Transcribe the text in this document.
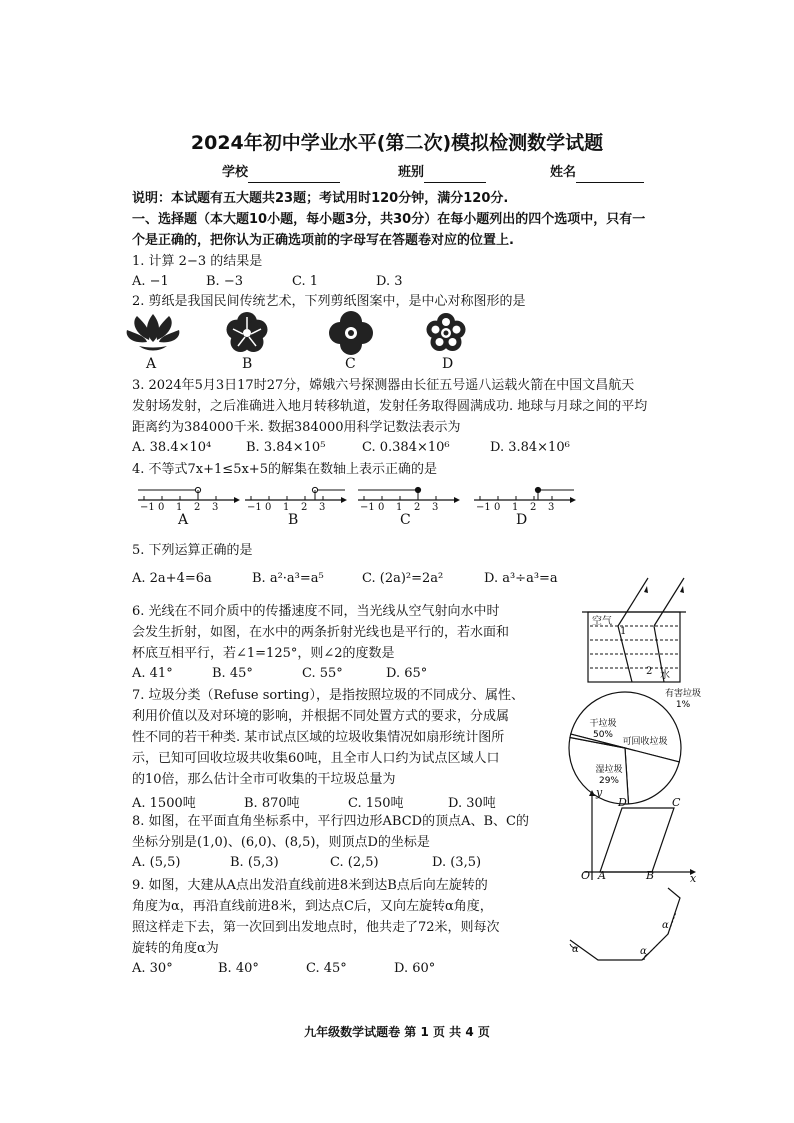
2024年初中学业水平(第二次)模拟检测数学试题
学校	班别	姓名
说明：本试题有五大题共23题；考试用时120分钟，满分120分.
一、选择题（本大题10小题，每小题3分，共30分）在每小题列出的四个选项中，只有一
个是正确的，把你认为正确选项前的字母写在答题卷对应的位置上.
1. 计算 2−3 的结果是
A. −1	B. −3	C. 1	D. 3
2. 剪纸是我国民间传统艺术，下列剪纸图案中，是中心对称图形的是
A	B	C	D
3. 2024年5月3日17时27分，嫦娥六号探测器由长征五号遥八运载火箭在中国文昌航天
发射场发射，之后准确进入地月转移轨道，发射任务取得圆满成功. 地球与月球之间的平均
距离约为384000千米. 数据384000用科学记数法表示为
A. 38.4×10⁴	B. 3.84×10⁵	C. 0.384×10⁶	D. 3.84×10⁶
4. 不等式7x+1≤5x+5的解集在数轴上表示正确的是
−1 0 1 2 3	−1 0 1 2 3	−1 0 1 2 3	−1 0 1 2 3
A	B	C	D
5. 下列运算正确的是
A. 2a+4=6a	B. a²·a³=a⁵	C. (2a)²=2a²	D. a³÷a³=a
6. 光线在不同介质中的传播速度不同，当光线从空气射向水中时
会发生折射，如图，在水中的两条折射光线也是平行的，若水面和
杯底互相平行，若∠1=125°，则∠2的度数是
A. 41°	B. 45°	C. 55°	D. 65°
空气
1
2 水
7. 垃圾分类（Refuse sorting），是指按照垃圾的不同成分、属性、
利用价值以及对环境的影响，并根据不同处置方式的要求，分成属
性不同的若干种类. 某市试点区域的垃圾收集情况如扇形统计图所
示，已知可回收垃圾共收集60吨，且全市人口约为试点区域人口
的10倍，那么估计全市可收集的干垃圾总量为
A. 1500吨	B. 870吨	C. 150吨	D. 30吨
干垃圾
50%
可回收垃圾
湿垃圾
29%
有害垃圾
1%
8. 如图，在平面直角坐标系中，平行四边形ABCD的顶点A、B、C的
坐标分别是(1,0)、(6,0)、(8,5)，则顶点D的坐标是
A. (5,5)	B. (5,3)	C. (2,5)	D. (3,5)
y
x
O A	B
C
D
9. 如图，大建从A点出发沿直线前进8米到达B点后向左旋转的
角度为α，再沿直线前进8米，到达点C后，又向左旋转α角度，
照这样走下去，第一次回到出发地点时，他共走了72米，则每次
旋转的角度α为
A. 30°	B. 40°	C. 45°	D. 60°
α	α
α
九年级数学试题卷 第 1 页 共 4 页
